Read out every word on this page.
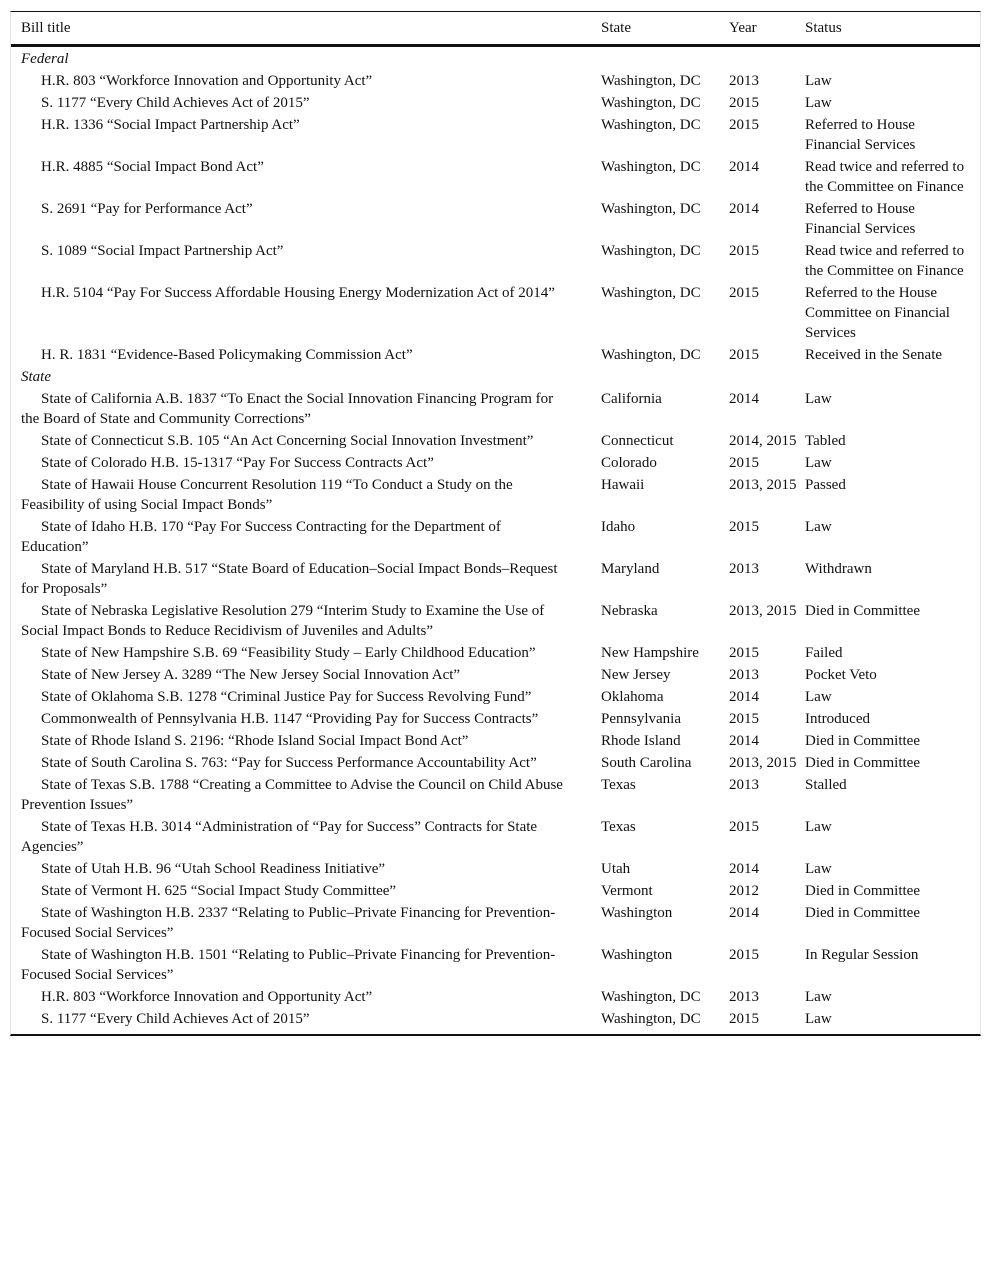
Bill title	State	Year	Status
Federal			
H.R. 803 “Workforce Innovation and Opportunity Act”	Washington, DC	2013	Law
S. 1177 “Every Child Achieves Act of 2015”	Washington, DC	2015	Law
H.R. 1336 “Social Impact Partnership Act”	Washington, DC	2015	Referred to House Financial Services
H.R. 4885 “Social Impact Bond Act”	Washington, DC	2014	Read twice and referred to the Committee on Finance
S. 2691 “Pay for Performance Act”	Washington, DC	2014	Referred to House Financial Services
S. 1089 “Social Impact Partnership Act”	Washington, DC	2015	Read twice and referred to the Committee on Finance
H.R. 5104 “Pay For Success Affordable Housing Energy Modernization Act of 2014”	Washington, DC	2015	Referred to the House Committee on Financial Services
H. R. 1831 “Evidence-Based Policymaking Commission Act”	Washington, DC	2015	Received in the Senate
State			
State of California A.B. 1837 “To Enact the Social Innovation Financing Program for the Board of State and Community Corrections”	California	2014	Law
State of Connecticut S.B. 105 “An Act Concerning Social Innovation Investment”	Connecticut	2014, 2015	Tabled
State of Colorado H.B. 15-1317 “Pay For Success Contracts Act”	Colorado	2015	Law
State of Hawaii House Concurrent Resolution 119 “To Conduct a Study on the Feasibility of using Social Impact Bonds”	Hawaii	2013, 2015	Passed
State of Idaho H.B. 170 “Pay For Success Contracting for the Department of Education”	Idaho	2015	Law
State of Maryland H.B. 517 “State Board of Education–Social Impact Bonds–Request for Proposals”	Maryland	2013	Withdrawn
State of Nebraska Legislative Resolution 279 “Interim Study to Examine the Use of Social Impact Bonds to Reduce Recidivism of Juveniles and Adults”	Nebraska	2013, 2015	Died in Committee
State of New Hampshire S.B. 69 “Feasibility Study – Early Childhood Education”	New Hampshire	2015	Failed
State of New Jersey A. 3289 “The New Jersey Social Innovation Act”	New Jersey	2013	Pocket Veto
State of Oklahoma S.B. 1278 “Criminal Justice Pay for Success Revolving Fund”	Oklahoma	2014	Law
Commonwealth of Pennsylvania H.B. 1147 “Providing Pay for Success Contracts”	Pennsylvania	2015	Introduced
State of Rhode Island S. 2196: “Rhode Island Social Impact Bond Act”	Rhode Island	2014	Died in Committee
State of South Carolina S. 763: “Pay for Success Performance Accountability Act”	South Carolina	2013, 2015	Died in Committee
State of Texas S.B. 1788 “Creating a Committee to Advise the Council on Child Abuse Prevention Issues”	Texas	2013	Stalled
State of Texas H.B. 3014 “Administration of “Pay for Success” Contracts for State Agencies”	Texas	2015	Law
State of Utah H.B. 96 “Utah School Readiness Initiative”	Utah	2014	Law
State of Vermont H. 625 “Social Impact Study Committee”	Vermont	2012	Died in Committee
State of Washington H.B. 2337 “Relating to Public–Private Financing for Prevention-Focused Social Services”	Washington	2014	Died in Committee
State of Washington H.B. 1501 “Relating to Public–Private Financing for Prevention-Focused Social Services”	Washington	2015	In Regular Session
H.R. 803 “Workforce Innovation and Opportunity Act”	Washington, DC	2013	Law
S. 1177 “Every Child Achieves Act of 2015”	Washington, DC	2015	Law
